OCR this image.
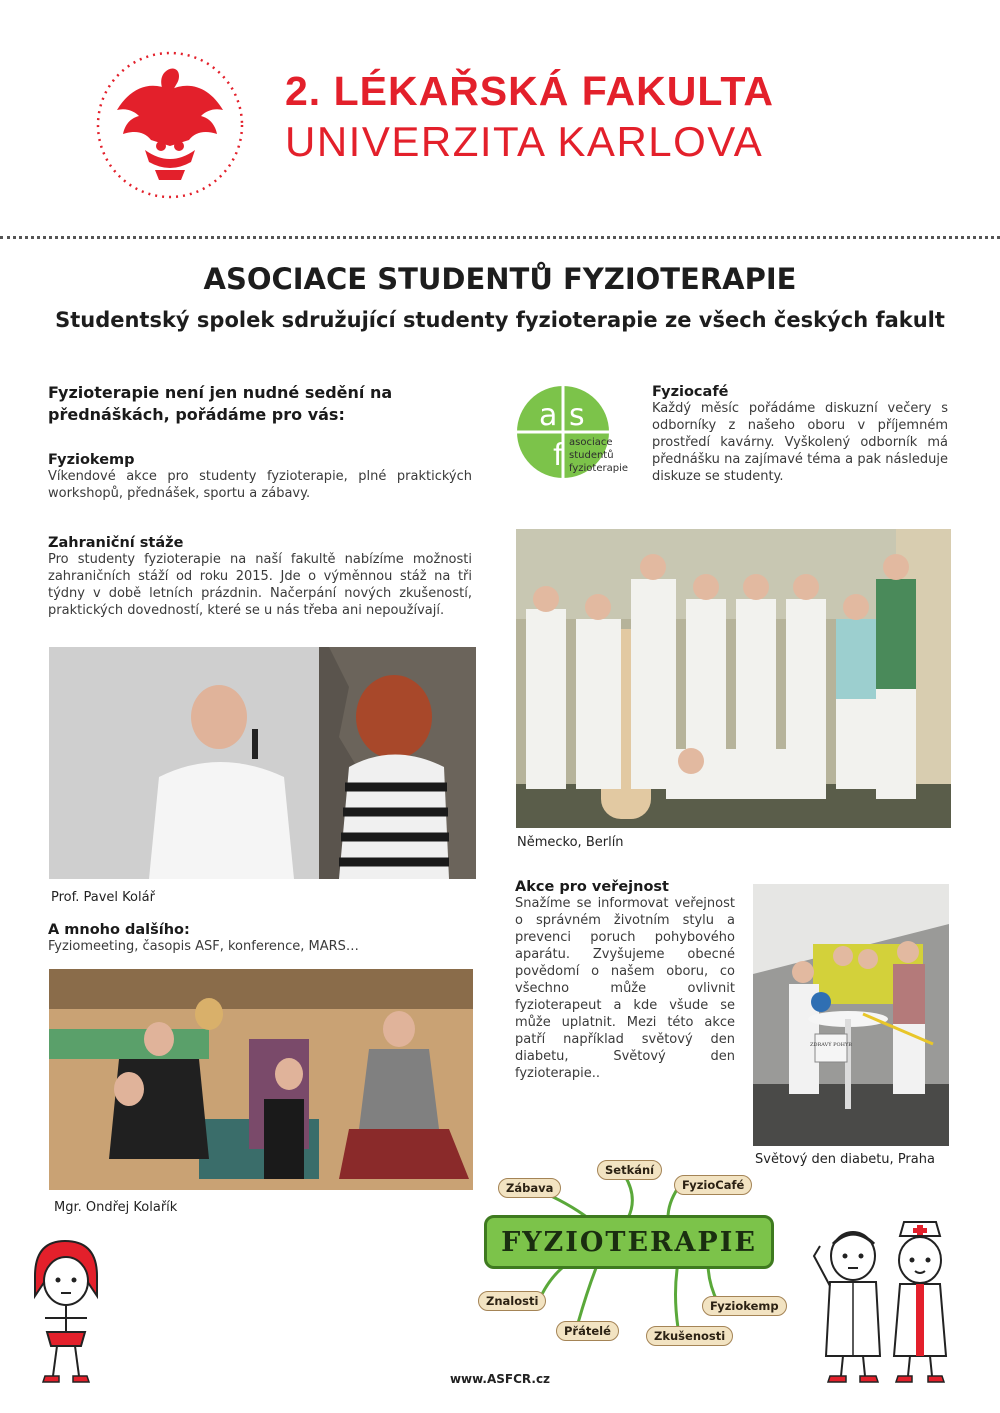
2. LÉKAŘSKÁ FAKULTA
UNIVERZITA KARLOVA
ASOCIACE STUDENTŮ FYZIOTERAPIE
Studentský spolek sdružující studenty fyzioterapie ze všech českých fakult
Fyzioterapie není jen nudné sedění na
přednáškách, pořádáme pro vás:
Fyziokemp

Víkendové akce pro studenty fyzioterapie, plné praktických workshopů, přednášek, sportu a zábavy.

Zahraniční stáže

Pro studenty fyzioterapie na naší fakultě nabízíme možnosti zahraničních stáží od roku 2015. Jde o výměnnou stáž na tři týdny v době letních prázdnin. Načerpání nových zkušeností, praktických dovedností, které se u nás třeba ani nepoužívají.

Prof. Pavel Kolář
A mnoho dalšího:

Fyziomeeting, časopis ASF, konference, MARS…

Mgr. Ondřej Kolařík
a s
f asociace
studentů
fyzioterapie
Fyziocafé

Každý měsíc pořádáme diskuzní večery s odborníky z našeho oboru v příjemném prostředí kavárny. Vyškolený odborník má přednášku na zajímavé téma a pak následuje diskuze se studenty.

Německo, Berlín
Akce pro veřejnost

Snažíme se informovat veřejnost o správném životním stylu a prevenci poruch pohybového aparátu. Zvyšujeme obecné povědomí o našem oboru, co všechno může ovlivnit fyzioterapeut a kde všude se může uplatnit. Mezi této akce patří například světový den diabetu, Světový den fyzioterapie..

ZDRAVÝ POHYB
Světový den diabetu, Praha
Zábava
Setkání
FyzioCafé
FYZIOTERAPIE
Znalosti
Přátelé	Zkušenosti
Fyziokemp
www.ASFCR.cz
